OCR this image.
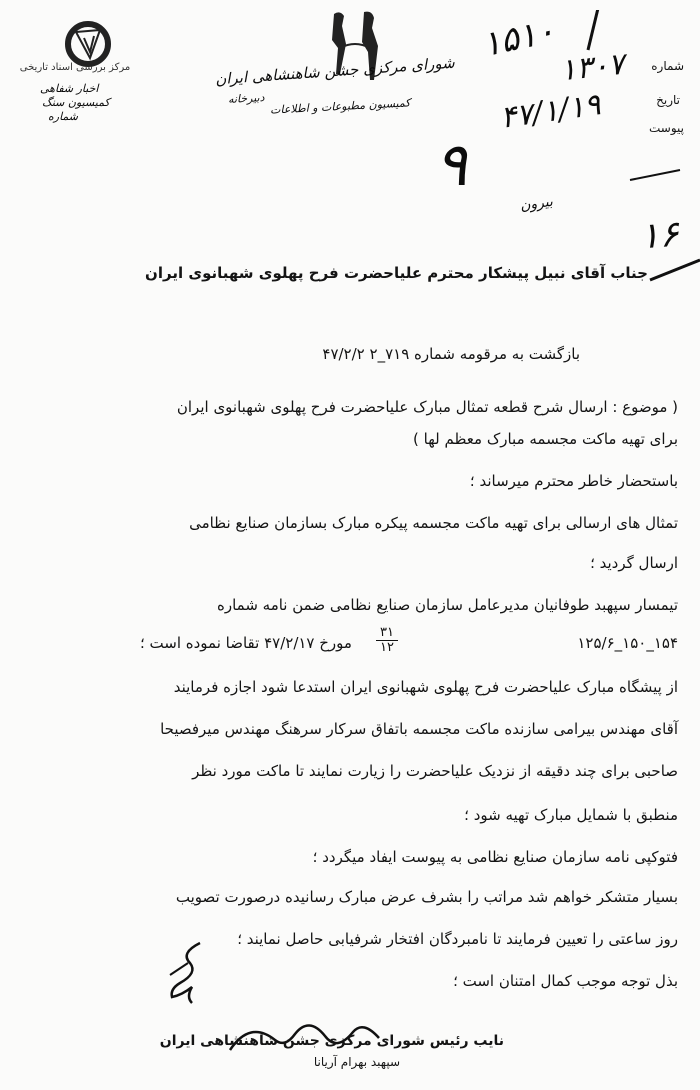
مرکز بررسی اسناد تاریخی
اخبار شفاهی
کمیسیون سنگ
شماره
شورای مرکزی جشن شاهنشاهی ایران
کمیسیون مطبوعات و اطلاعات
دبیرخانه
شماره
تاریخ
پیوست
۱۵۱۰
۱۳۰۷
۴۷/۱/۱۹
۹
بیرون
۱۶
جناب آقای نبیل پیشکار محترم علیاحضرت فرح پهلوی شهبانوی ایران
بازگشت به مرقومه شماره ۷۱۹_۲ ۴۷/۲/۲
( موضوع : ارسال شرح قطعه تمثال مبارک علیاحضرت فرح پهلوی شهبانوی ایران
برای تهیه ماکت مجسمه مبارک معظم لها )
باستحضار خاطر محترم میرساند ؛
تمثال های ارسالی برای تهیه ماکت مجسمه پیکره مبارک بسازمان صنایع نظامی
ارسال گردید ؛
تیمسار سپهبد طوفانیان مدیرعامل سازمان صنایع نظامی ضمن نامه شماره
۱۲۵/۶_۱۵۰_۱۵۴
۳۱
۱۲
مورخ ۴۷/۲/۱۷ تقاضا نموده است ؛
از پیشگاه مبارک علیاحضرت فرح پهلوی شهبانوی ایران استدعا شود اجازه فرمایند
آقای مهندس بیرامی سازنده ماکت مجسمه باتفاق سرکار سرهنگ مهندس میرفصیحا
صاحبی برای چند دقیقه از نزدیک علیاحضرت را زیارت نمایند تا ماکت مورد نظر
منطبق با شمایل مبارک تهیه شود ؛
فتوکپی نامه سازمان صنایع نظامی به پیوست ایفاد میگردد ؛
بسیار متشکر خواهم شد مراتب را بشرف عرض مبارک رسانیده درصورت تصویب
روز ساعتی را تعیین فرمایند تا نامبردگان افتخار شرفیابی حاصل نمایند ؛
بذل توجه موجب کمال امتنان است ؛
نایب رئیس شورای مرکزی جشن شاهنشاهی ایران
سپهبد بهرام آریانا
